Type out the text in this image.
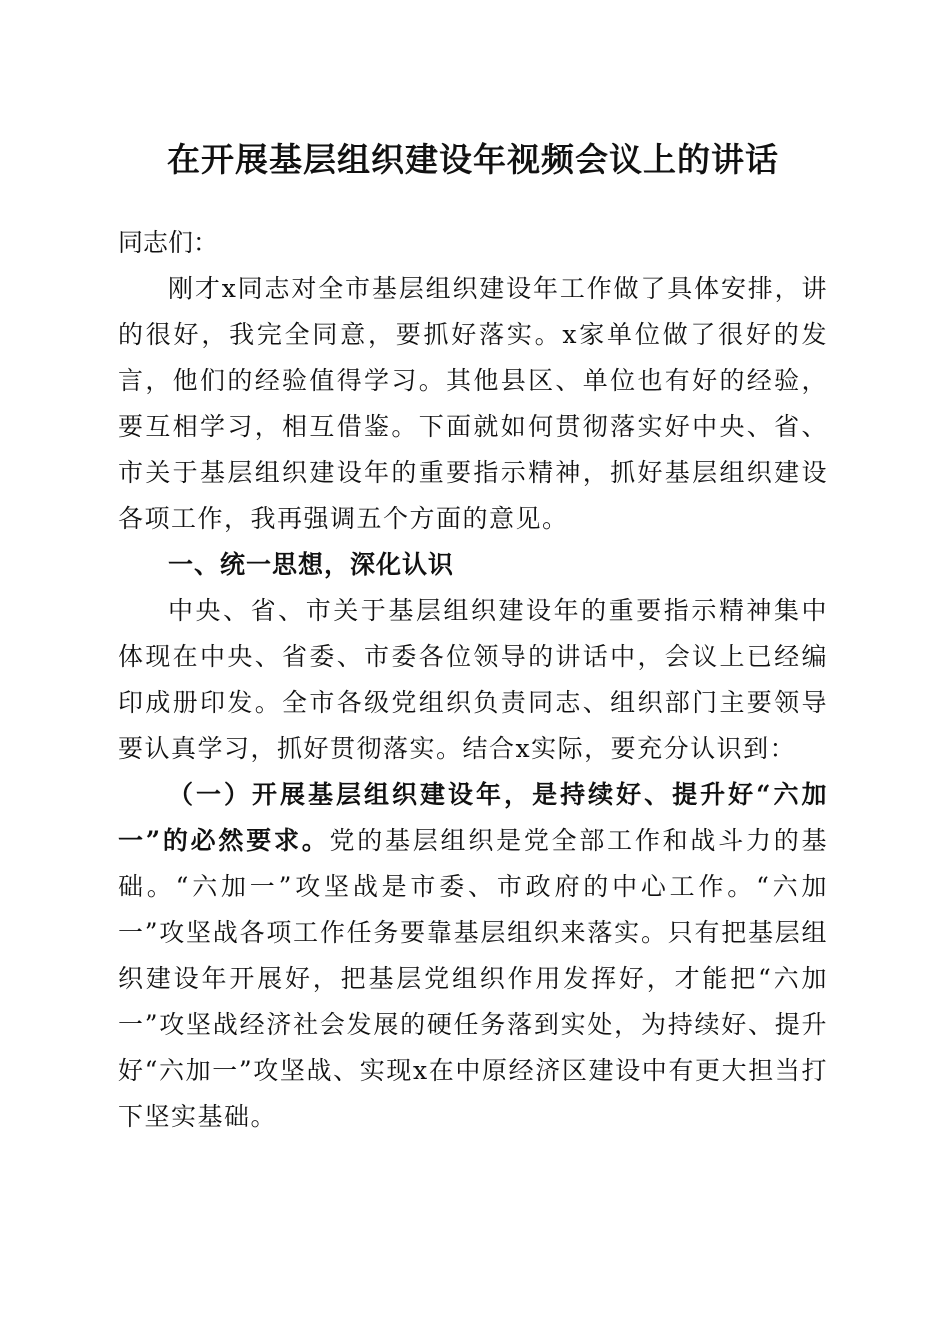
在开展基层组织建设年视频会议上的讲话
同志们：

刚才x同志对全市基层组织建设年工作做了具体安排，讲的很好，我完全同意，要抓好落实。x家单位做了很好的发言，他们的经验值得学习。其他县区、单位也有好的经验，要互相学习，相互借鉴。下面就如何贯彻落实好中央、省、市关于基层组织建设年的重要指示精神，抓好基层组织建设各项工作，我再强调五个方面的意见。

一、统一思想，深化认识

中央、省、市关于基层组织建设年的重要指示精神集中体现在中央、省委、市委各位领导的讲话中，会议上已经编印成册印发。全市各级党组织负责同志、组织部门主要领导要认真学习，抓好贯彻落实。结合x实际，要充分认识到：

（一）开展基层组织建设年，是持续好、提升好“六加一”的必然要求。党的基层组织是党全部工作和战斗力的基础。“六加一”攻坚战是市委、市政府的中心工作。“六加一”攻坚战各项工作任务要靠基层组织来落实。只有把基层组织建设年开展好，把基层党组织作用发挥好，才能把“六加一”攻坚战经济社会发展的硬任务落到实处，为持续好、提升好“六加一”攻坚战、实现x在中原经济区建设中有更大担当打下坚实基础。
